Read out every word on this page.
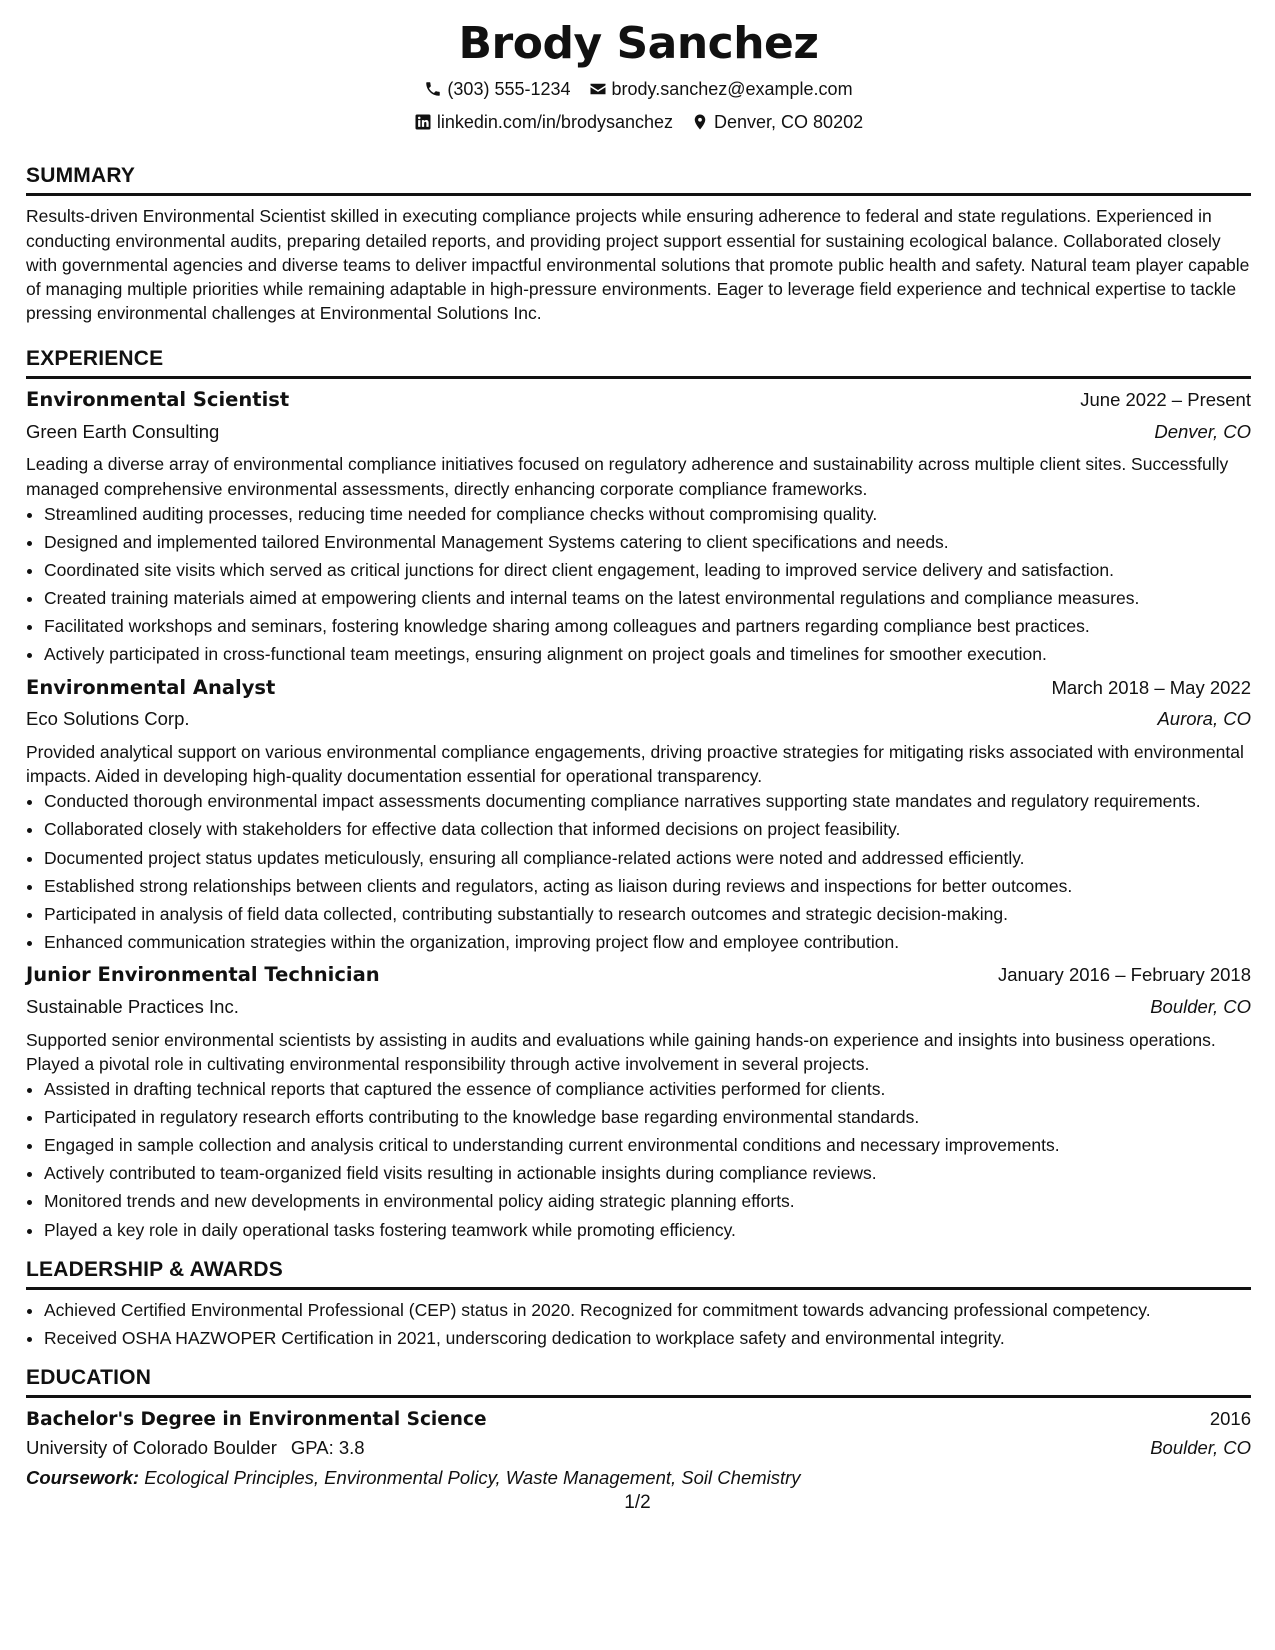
Brody Sanchez
(303) 555-1234 brody.sanchez@example.com
linkedin.com/in/brodysanchez Denver, CO 80202
SUMMARY

Results-driven Environmental Scientist skilled in executing compliance projects while ensuring adherence to federal and state regulations. Experienced in conducting environmental audits, preparing detailed reports, and providing project support essential for sustaining ecological balance. Collaborated closely with governmental agencies and diverse teams to deliver impactful environmental solutions that promote public health and safety. Natural team player capable of managing multiple priorities while remaining adaptable in high-pressure environments. Eager to leverage field experience and technical expertise to tackle pressing environmental challenges at Environmental Solutions Inc.

EXPERIENCE
Environmental Scientist	June 2022 – Present
Green Earth Consulting	Denver, CO

Leading a diverse array of environmental compliance initiatives focused on regulatory adherence and sustainability across multiple client sites. Successfully managed comprehensive environmental assessments, directly enhancing corporate compliance frameworks.

• Streamlined auditing processes, reducing time needed for compliance checks without compromising quality.
• Designed and implemented tailored Environmental Management Systems catering to client specifications and needs.
• Coordinated site visits which served as critical junctions for direct client engagement, leading to improved service delivery and satisfaction.
• Created training materials aimed at empowering clients and internal teams on the latest environmental regulations and compliance measures.
• Facilitated workshops and seminars, fostering knowledge sharing among colleagues and partners regarding compliance best practices.
• Actively participated in cross-functional team meetings, ensuring alignment on project goals and timelines for smoother execution.
Environmental Analyst	March 2018 – May 2022
Eco Solutions Corp.	Aurora, CO

Provided analytical support on various environmental compliance engagements, driving proactive strategies for mitigating risks associated with environmental impacts. Aided in developing high-quality documentation essential for operational transparency.

• Conducted thorough environmental impact assessments documenting compliance narratives supporting state mandates and regulatory requirements.
• Collaborated closely with stakeholders for effective data collection that informed decisions on project feasibility.
• Documented project status updates meticulously, ensuring all compliance-related actions were noted and addressed efficiently.
• Established strong relationships between clients and regulators, acting as liaison during reviews and inspections for better outcomes.
• Participated in analysis of field data collected, contributing substantially to research outcomes and strategic decision-making.
• Enhanced communication strategies within the organization, improving project flow and employee contribution.
Junior Environmental Technician	January 2016 – February 2018
Sustainable Practices Inc.	Boulder, CO

Supported senior environmental scientists by assisting in audits and evaluations while gaining hands-on experience and insights into business operations. Played a pivotal role in cultivating environmental responsibility through active involvement in several projects.

• Assisted in drafting technical reports that captured the essence of compliance activities performed for clients.
• Participated in regulatory research efforts contributing to the knowledge base regarding environmental standards.
• Engaged in sample collection and analysis critical to understanding current environmental conditions and necessary improvements.
• Actively contributed to team-organized field visits resulting in actionable insights during compliance reviews.
• Monitored trends and new developments in environmental policy aiding strategic planning efforts.
• Played a key role in daily operational tasks fostering teamwork while promoting efficiency.
LEADERSHIP & AWARDS
• Achieved Certified Environmental Professional (CEP) status in 2020. Recognized for commitment towards advancing professional competency.
• Received OSHA HAZWOPER Certification in 2021, underscoring dedication to workplace safety and environmental integrity.
EDUCATION
Bachelor's Degree in Environmental Science	2016
University of Colorado Boulder GPA: 3.8	Boulder, CO
Coursework: Ecological Principles, Environmental Policy, Waste Management, Soil Chemistry
1/2
